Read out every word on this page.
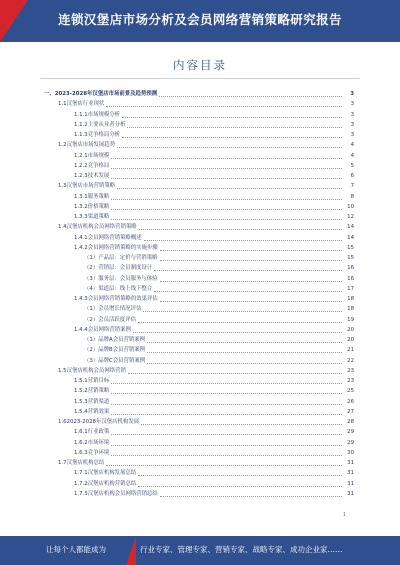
连锁汉堡店市场分析及会员网络营销策略研究报告
内容目录
一、 2023-2028年汉堡店市场前景及趋势预测	3
1.1 汉堡店行业现状	3
1.1.1 市场规模分析	3
1.1.2 主要从业者分析	3
1.1.3 竞争格局分析	3
1.2 汉堡店市场发展趋势	4
1.2.1 市场规模	4
1.2.2 竞争格局	5
1.2.3 技术发展	6
1.3 汉堡店市场营销策略	7
1.3.1 服务策略	8
1.3.2 价格策略	10
1.3.3 渠道策略	12
1.4 汉堡店机构会员网络营销策略	14
1.4.1 会员网络营销策略概述	14
1.4.2 会员网络营销策略的实施步骤	15
（1） 产品层：定价与营销策略	15
（2） 营销层：会员制度设计	16
（3） 服务层：会员服务与体验	16
（4） 渠道层：线上线下整合	17
1.4.3 会员网络营销策略的效果评估	18
（1） 会员增长情况评估	18
（2） 会员活跃度评估	19
1.4.4 会员网络营销案例	20
（1） 品牌A会员营销案例	20
（2） 品牌B会员营销案例	21
（3） 品牌C会员营销案例	22
1.5 汉堡店机构会员网络营销	23
1.5.1 营销目标	23
1.5.2 营销策略	25
1.5.3 营销渠道	26
1.5.4 营销效果	27
1.6 2023-2028年汉堡店机构发展	28
1.6.1 行业政策	29
1.6.2 市场环境	29
1.6.3 竞争环境	30
1.7 汉堡店机构总结	31
1.7.1 汉堡店机构发展总结	31
1.7.2 汉堡店机构营销总结	31
1.7.3 汉堡店机构会员网络营销总结	31
1
让每个人都能成为	行业专家、管理专家、营销专家、战略专家、成功企业家……
